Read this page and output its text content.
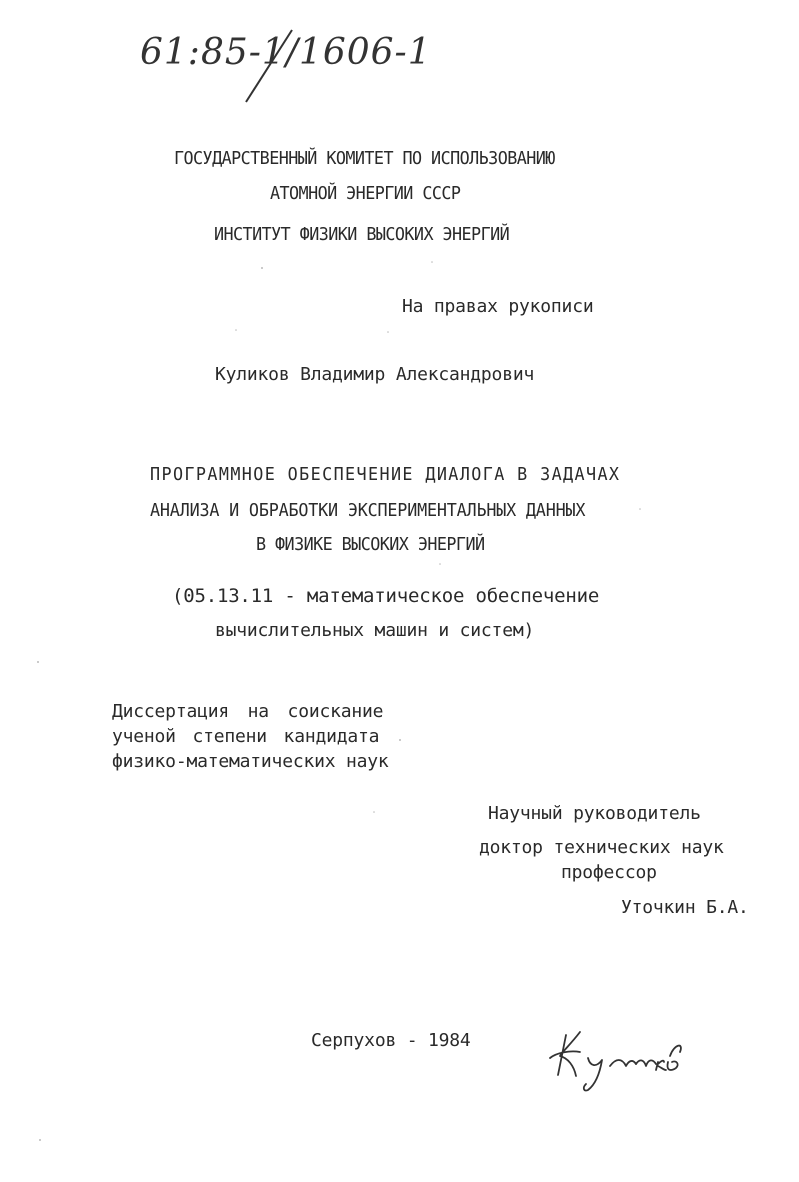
61:85-1/1606-1
ГОСУДАРСТВЕННЫЙ КОМИТЕТ ПО ИСПОЛЬЗОВАНИЮ
АТОМНОЙ ЭНЕРГИИ СССР
ИНСТИТУТ ФИЗИКИ ВЫСОКИХ ЭНЕРГИЙ
На правах рукописи
Куликов Владимир Александрович
ПРОГРАММНОЕ ОБЕСПЕЧЕНИЕ ДИАЛОГА В ЗАДАЧАХ
АНАЛИЗА И ОБРАБОТКИ ЭКСПЕРИМЕНТАЛЬНЫХ ДАННЫХ
В ФИЗИКЕ ВЫСОКИХ ЭНЕРГИЙ
(05.13.11 - математическое обеспечение
вычислительных машин и систем)
Диссертация на соискание
ученой степени кандидата
физико-математических наук
Научный руководитель
доктор технических наук
профессор
Уточкин Б.А.
Серпухов - 1984
